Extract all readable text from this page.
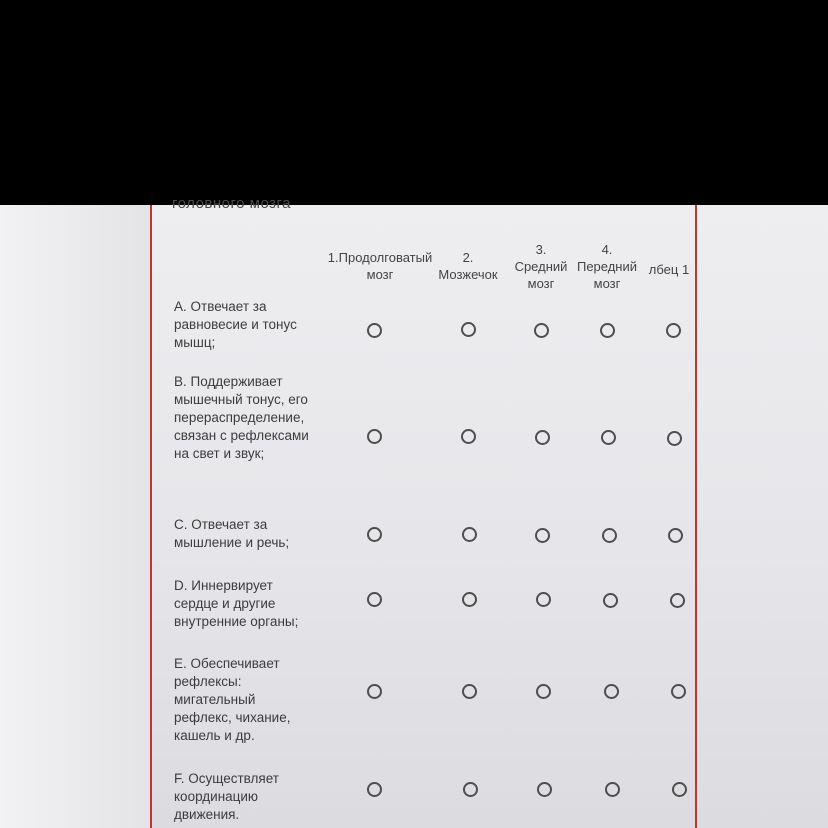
головного мозга
1.Продолговатый
мозг
2.
Мозжечок
3.
Средний
мозг
4.
Передний
мозг
лбец 1
А. Отвечает за равновесие и тонус мышц;
В. Поддерживает мышечный тонус, его перераспределение, связан с рефлексами на свет и звук;
С. Отвечает за мышление и речь;
D. Иннервирует сердце и другие внутренние органы;
Е. Обеспечивает рефлексы: мигательный рефлекс, чихание, кашель и др.
F. Осуществляет координацию движения.
